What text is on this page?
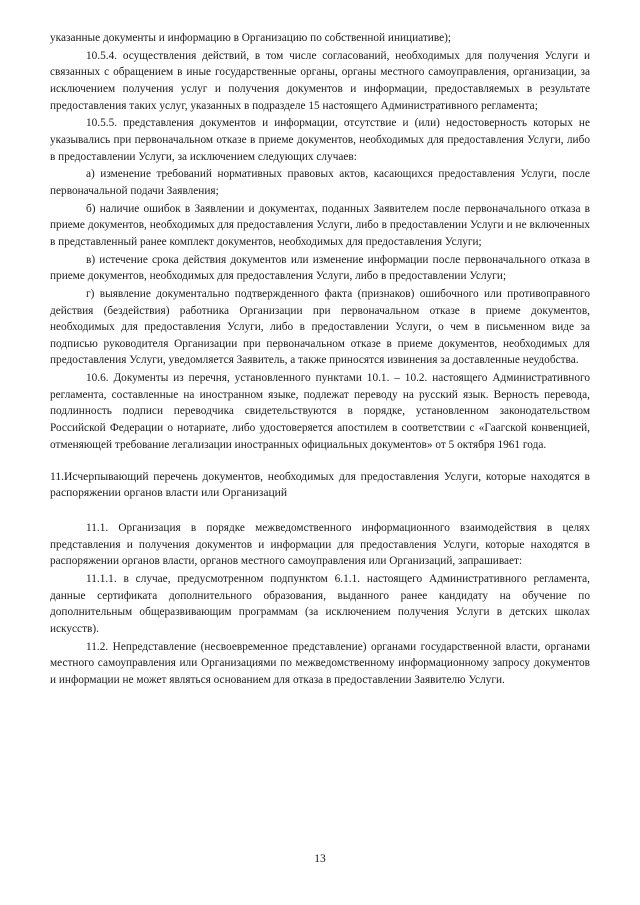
указанные документы и информацию в Организацию по собственной инициативе);

10.5.4. осуществления действий, в том числе согласований, необходимых для получения Услуги и связанных с обращением в иные государственные органы, органы местного самоуправления, организации, за исключением получения услуг и получения документов и информации, предоставляемых в результате предоставления таких услуг, указанных в подразделе 15 настоящего Административного регламента;

10.5.5. представления документов и информации, отсутствие и (или) недостоверность которых не указывались при первоначальном отказе в приеме документов, необходимых для предоставления Услуги, либо в предоставлении Услуги, за исключением следующих случаев:

а) изменение требований нормативных правовых актов, касающихся предоставления Услуги, после первоначальной подачи Заявления;

б) наличие ошибок в Заявлении и документах, поданных Заявителем после первоначального отказа в приеме документов, необходимых для предоставления Услуги, либо в предоставлении Услуги и не включенных в представленный ранее комплект документов, необходимых для предоставления Услуги;

в) истечение срока действия документов или изменение информации после первоначального отказа в приеме документов, необходимых для предоставления Услуги, либо в предоставлении Услуги;

г) выявление документально подтвержденного факта (признаков) ошибочного или противоправного действия (бездействия) работника Организации при первоначальном отказе в приеме документов, необходимых для предоставления Услуги, либо в предоставлении Услуги, о чем в письменном виде за подписью руководителя Организации при первоначальном отказе в приеме документов, необходимых для предоставления Услуги, уведомляется Заявитель, а также приносятся извинения за доставленные неудобства.

10.6. Документы из перечня, установленного пунктами 10.1. – 10.2. настоящего Административного регламента, составленные на иностранном языке, подлежат переводу на русский язык. Верность перевода, подлинность подписи переводчика свидетельствуются в порядке, установленном законодательством Российской Федерации о нотариате, либо удостоверяется апостилем в соответствии с «Гаагской конвенцией, отменяющей требование легализации иностранных официальных документов» от 5 октября 1961 года.

11.Исчерпывающий перечень документов, необходимых для предоставления Услуги, которые находятся в распоряжении органов власти или Организаций

11.1. Организация в порядке межведомственного информационного взаимодействия в целях представления и получения документов и информации для предоставления Услуги, которые находятся в распоряжении органов власти, органов местного самоуправления или Организаций, запрашивает:

11.1.1. в случае, предусмотренном подпунктом 6.1.1. настоящего Административного регламента, данные сертификата дополнительного образования, выданного ранее кандидату на обучение по дополнительным общеразвивающим программам (за исключением получения Услуги в детских школах искусств).

11.2. Непредставление (несвоевременное представление) органами государственной власти, органами местного самоуправления или Организациями по межведомственному информационному запросу документов и информации не может являться основанием для отказа в предоставлении Заявителю Услуги.

13
